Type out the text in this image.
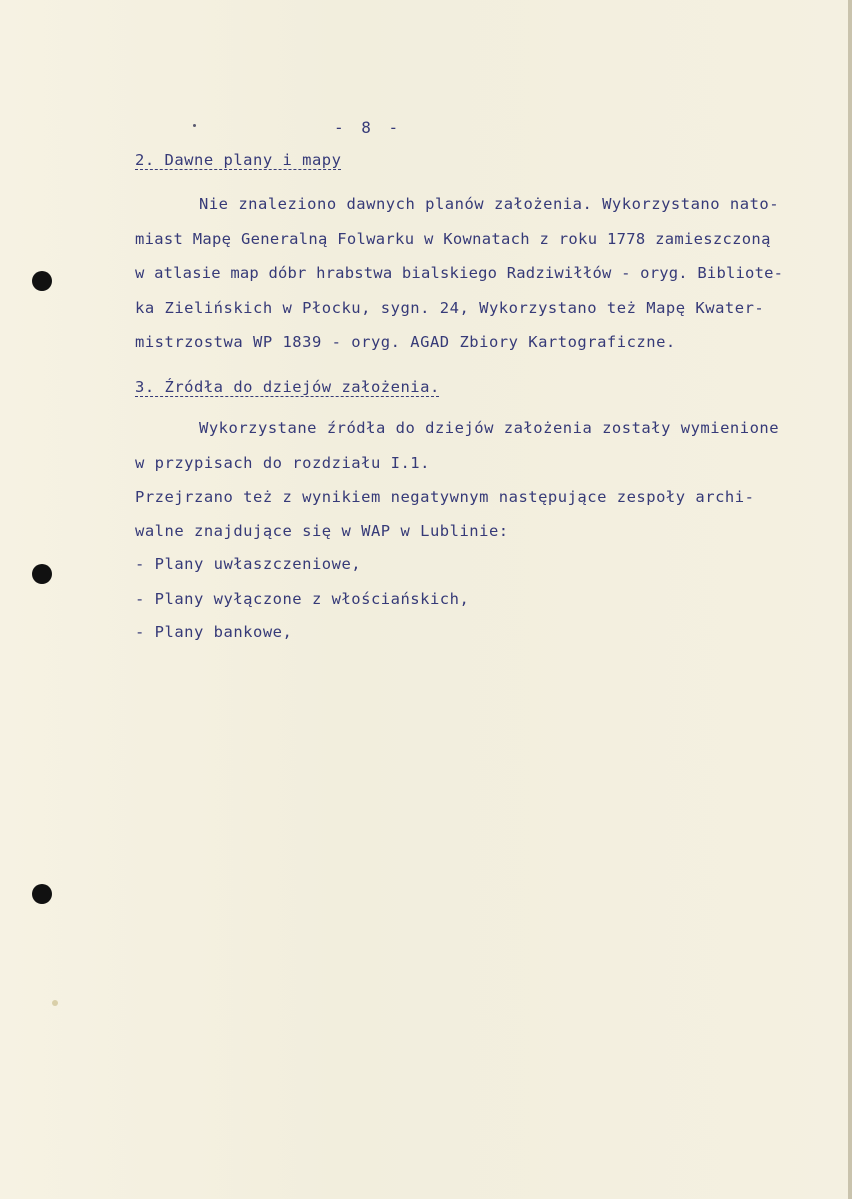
- 8 -

2. Dawne plany i mapy

Nie znaleziono dawnych planów założenia. Wykorzystano nato-

miast Mapę Generalną Folwarku w Kownatach z roku 1778 zamieszczoną

w atlasie map dóbr hrabstwa bialskiego Radziwiłłów - oryg. Bibliote-

ka Zielińskich w Płocku, sygn. 24, Wykorzystano też Mapę Kwater-

mistrzostwa WP 1839 - oryg. AGAD Zbiory Kartograficzne.

3. Źródła do dziejów założenia.

Wykorzystane źródła do dziejów założenia zostały wymienione

w przypisach do rozdziału I.1.

Przejrzano też z wynikiem negatywnym następujące zespoły archi-

walne znajdujące się w WAP w Lublinie:

- Plany uwłaszczeniowe,

- Plany wyłączone z włościańskich,

- Plany bankowe,
